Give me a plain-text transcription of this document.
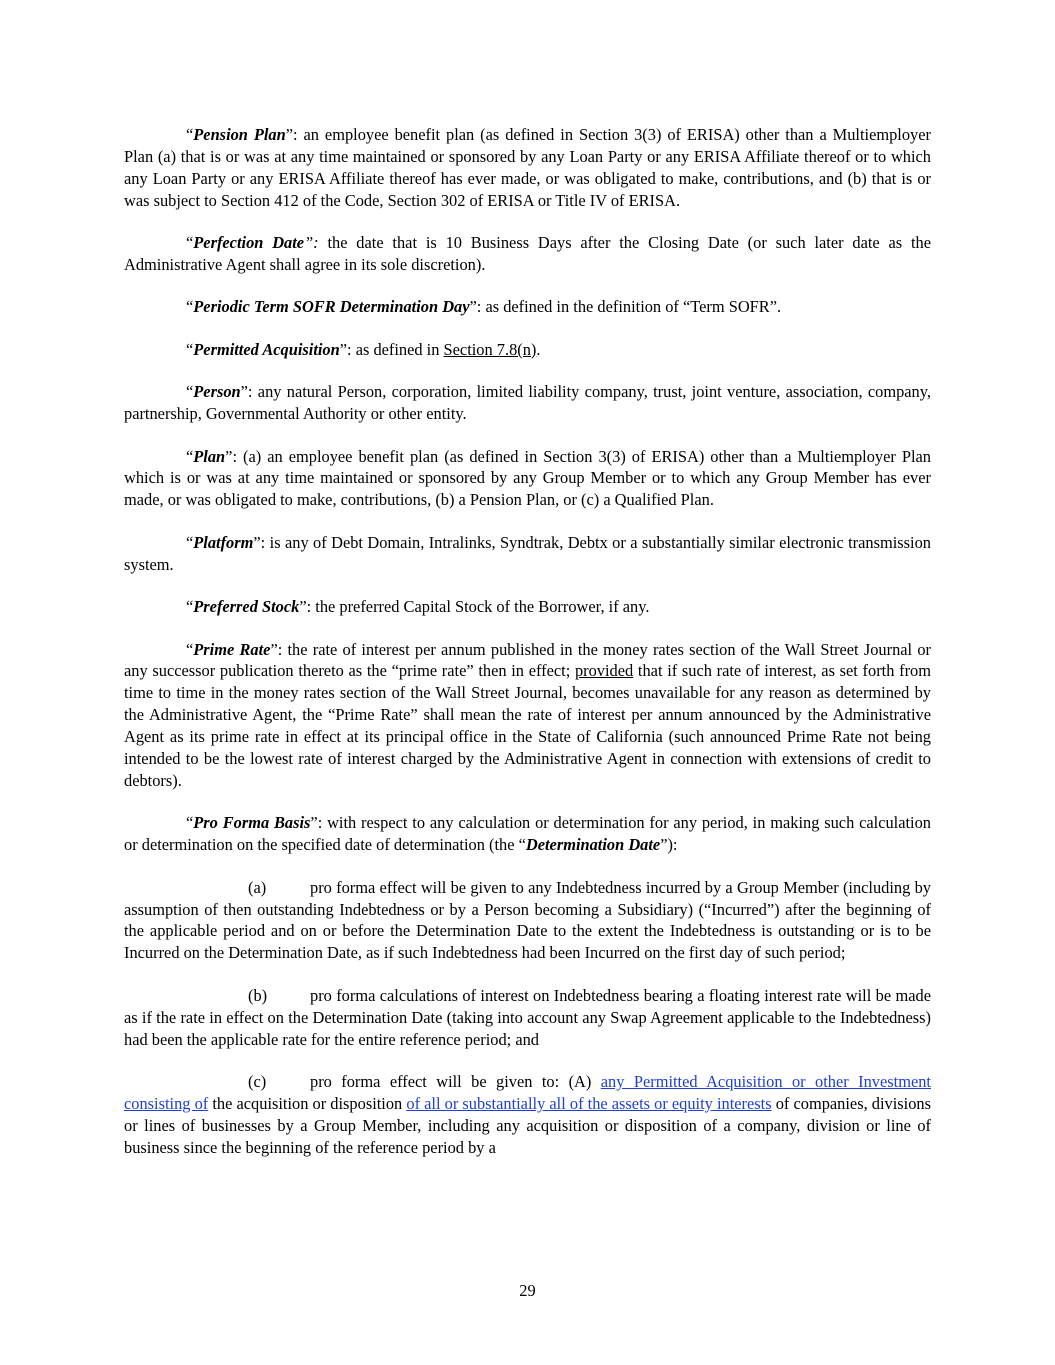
“Pension Plan”: an employee benefit plan (as defined in Section 3(3) of ERISA) other than a Multiemployer Plan (a) that is or was at any time maintained or sponsored by any Loan Party or any ERISA Affiliate thereof or to which any Loan Party or any ERISA Affiliate thereof has ever made, or was obligated to make, contributions, and (b) that is or was subject to Section 412 of the Code, Section 302 of ERISA or Title IV of ERISA.

“Perfection Date”: the date that is 10 Business Days after the Closing Date (or such later date as the Administrative Agent shall agree in its sole discretion).

“Periodic Term SOFR Determination Day”: as defined in the definition of “Term SOFR”.

“Permitted Acquisition”: as defined in Section 7.8(n).

“Person”: any natural Person, corporation, limited liability company, trust, joint venture, association, company, partnership, Governmental Authority or other entity.

“Plan”: (a) an employee benefit plan (as defined in Section 3(3) of ERISA) other than a Multiemployer Plan which is or was at any time maintained or sponsored by any Group Member or to which any Group Member has ever made, or was obligated to make, contributions, (b) a Pension Plan, or (c) a Qualified Plan.

“Platform”: is any of Debt Domain, Intralinks, Syndtrak, Debtx or a substantially similar electronic transmission system.

“Preferred Stock”: the preferred Capital Stock of the Borrower, if any.

“Prime Rate”: the rate of interest per annum published in the money rates section of the Wall Street Journal or any successor publication thereto as the “prime rate” then in effect; provided that if such rate of interest, as set forth from time to time in the money rates section of the Wall Street Journal, becomes unavailable for any reason as determined by the Administrative Agent, the “Prime Rate” shall mean the rate of interest per annum announced by the Administrative Agent as its prime rate in effect at its principal office in the State of California (such announced Prime Rate not being intended to be the lowest rate of interest charged by the Administrative Agent in connection with extensions of credit to debtors).

“Pro Forma Basis”: with respect to any calculation or determination for any period, in making such calculation or determination on the specified date of determination (the “Determination Date”):

(a)	pro forma effect will be given to any Indebtedness incurred by a Group Member (including by assumption of then outstanding Indebtedness or by a Person becoming a Subsidiary) (“Incurred”) after the beginning of the applicable period and on or before the Determination Date to the extent the Indebtedness is outstanding or is to be Incurred on the Determination Date, as if such Indebtedness had been Incurred on the first day of such period;

(b)	pro forma calculations of interest on Indebtedness bearing a floating interest rate will be made as if the rate in effect on the Determination Date (taking into account any Swap Agreement applicable to the Indebtedness) had been the applicable rate for the entire reference period; and

(c)	pro forma effect will be given to: (A) any Permitted Acquisition or other Investment consisting of the acquisition or disposition of all or substantially all of the assets or equity interests of companies, divisions or lines of businesses by a Group Member, including any acquisition or disposition of a company, division or line of business since the beginning of the reference period by a

29
